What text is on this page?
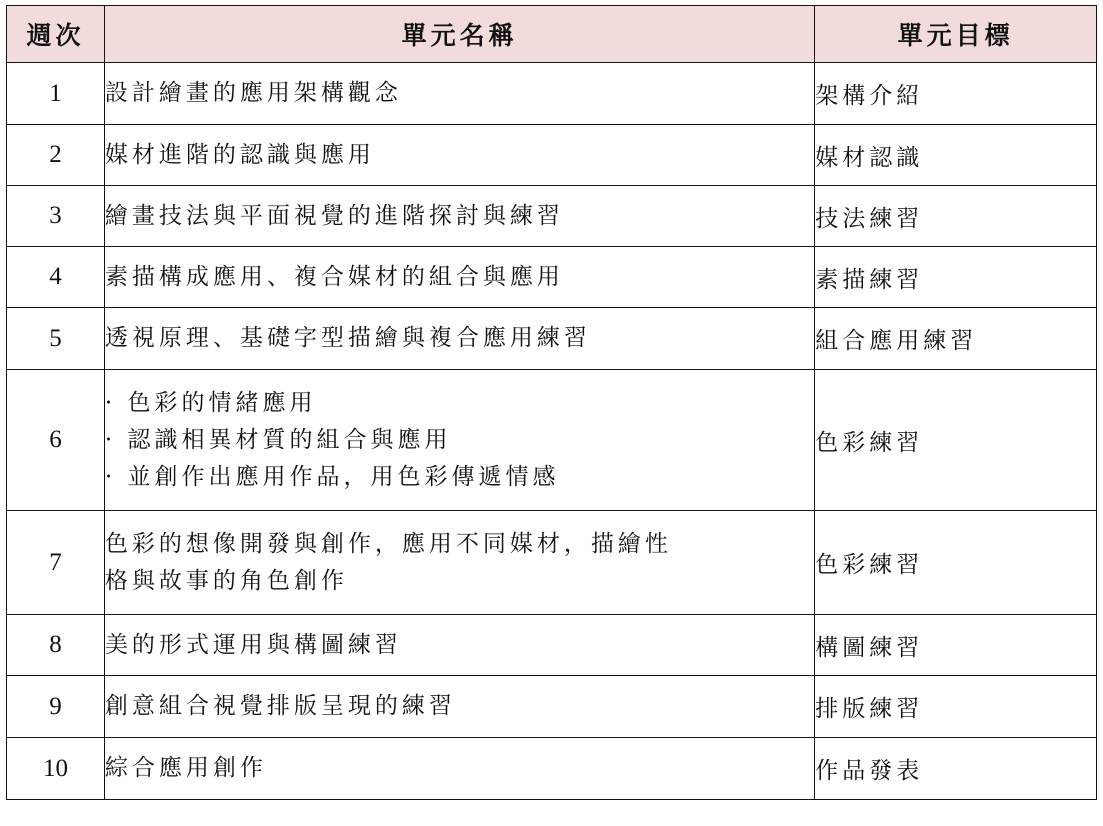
週次	單元名稱	單元目標
1	設計繪畫的應用架構觀念	架構介紹
2	媒材進階的認識與應用	媒材認識
3	繪畫技法與平面視覺的進階探討與練習	技法練習
4	素描構成應用、複合媒材的組合與應用	素描練習
5	透視原理、基礎字型描繪與複合應用練習	組合應用練習
6	· 色彩的情緒應用
· 認識相異材質的組合與應用
· 並創作出應用作品，用色彩傳遞情感	色彩練習
7	色彩的想像開發與創作，應用不同媒材，描繪性
格與故事的角色創作	色彩練習
8	美的形式運用與構圖練習	構圖練習
9	創意組合視覺排版呈現的練習	排版練習
10	綜合應用創作	作品發表
